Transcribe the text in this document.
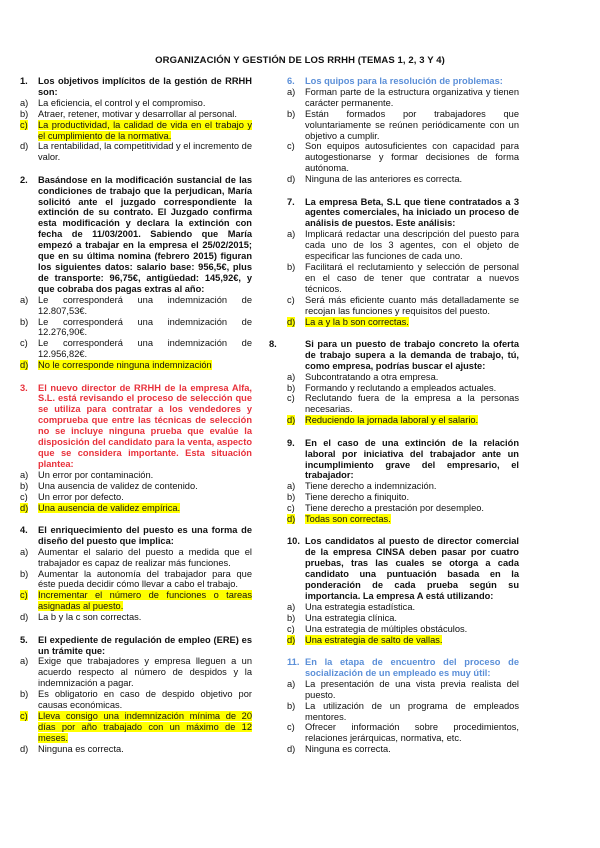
ORGANIZACIÓN Y GESTIÓN DE LOS RRHH (TEMAS 1, 2, 3 Y 4)
1.	Los objetivos implícitos de la gestión de RRHH son:
a)	La eficiencia, el control y el compromiso.
b)	Atraer, retener, motivar y desarrollar al personal.
c)	La productividad, la calidad de vida en el trabajo y el cumplimiento de la normativa.
d)	La rentabilidad, la competitividad y el incremento de valor.
2.	Basándose en la modificación sustancial de las condiciones de trabajo que la perjudican, María solicitó ante el juzgado correspondiente la extinción de su contrato. El Juzgado confirma esta modificación y declara la extinción con fecha de 11/03/2001. Sabiendo que María empezó a trabajar en la empresa el 25/02/2015; que en su última nomina (febrero 2015) figuran los siguientes datos: salario base: 956,5€, plus de transporte: 96,75€, antigüedad: 145,92€, y que cobraba dos pagas extras al año:
a)	Le corresponderá una indemnización de 12.807,53€.
b)	Le corresponderá una indemnización de 12.276,90€.
c)	Le corresponderá una indemnización de 12.956,82€.
d)	No le corresponde ninguna indemnización
3.	El nuevo director de RRHH de la empresa Alfa, S.L. está revisando el proceso de selección que se utiliza para contratar a los vendedores y comprueba que entre las técnicas de selección no se incluye ninguna prueba que evalúe la disposición del candidato para la venta, aspecto que se considera importante. Esta situación plantea:
a)	Un error por contaminación.
b)	Una ausencia de validez de contenido.
c)	Un error por defecto.
d)	Una ausencia de validez empírica.
4.	El enriquecimiento del puesto es una forma de diseño del puesto que implica:
a)	Aumentar el salario del puesto a medida que el trabajador es capaz de realizar más funciones.
b)	Aumentar la autonomía del trabajador para que éste pueda decidir cómo llevar a cabo el trabajo.
c)	Incrementar el número de funciones o tareas asignadas al puesto.
d)	La b y la c son correctas.
5.	El expediente de regulación de empleo (ERE) es un trámite que:
a)	Exige que trabajadores y empresa lleguen a un acuerdo respecto al número de despidos y la indemnización a pagar.
b)	Es obligatorio en caso de despido objetivo por causas económicas.
c)	Lleva consigo una indemnización mínima de 20 días por año trabajado con un máximo de 12 meses.
d)	Ninguna es correcta.
6.	Los quipos para la resolución de problemas:
a)	Forman parte de la estructura organizativa y tienen carácter permanente.
b)	Están formados por trabajadores que voluntariamente se reúnen periódicamente con un objetivo a cumplir.
c)	Son equipos autosuficientes con capacidad para autogestionarse y formar decisiones de forma autónoma.
d)	Ninguna de las anteriores es correcta.
7.	La empresa Beta, S.L que tiene contratados a 3 agentes comerciales, ha iniciado un proceso de análisis de puestos. Este análisis:
a)	Implicará redactar una descripción del puesto para cada uno de los 3 agentes, con el objeto de especificar las funciones de cada uno.
b)	Facilitará el reclutamiento y selección de personal en el caso de tener que contratar a nuevos técnicos.
c)	Será más eficiente cuanto más detalladamente se recojan las funciones y requisitos del puesto.
d)	La a y la b son correctas.
8.	Si para un puesto de trabajo concreto la oferta de trabajo supera a la demanda de trabajo, tú, como empresa, podrías buscar el ajuste:
a)	Subcontratando a otra empresa.
b)	Formando y reclutando a empleados actuales.
c)	Reclutando fuera de la empresa a la personas necesarias.
d)	Reduciendo la jornada laboral y el salario.
9.	En el caso de una extinción de la relación laboral por iniciativa del trabajador ante un incumplimiento grave del empresario, el trabajador:
a)	Tiene derecho a indemnización.
b)	Tiene derecho a finiquito.
c)	Tiene derecho a prestación por desempleo.
d)	Todas son correctas.
10. Los candidatos al puesto de director comercial de la empresa CINSA deben pasar por cuatro pruebas, tras las cuales se otorga a cada candidato una puntuación basada en la ponderación de cada prueba según su importancia. La empresa A está utilizando:
a)	Una estrategia estadística.
b)	Una estrategia clínica.
c)	Una estrategia de múltiples obstáculos.
d)	Una estrategia de salto de vallas.
11. En la etapa de encuentro del proceso de socialización de un empleado es muy útil:
a)	La presentación de una vista previa realista del puesto.
b)	La utilización de un programa de empleados mentores.
c)	Ofrecer información sobre procedimientos, relaciones jerárquicas, normativa, etc.
d)	Ninguna es correcta.
